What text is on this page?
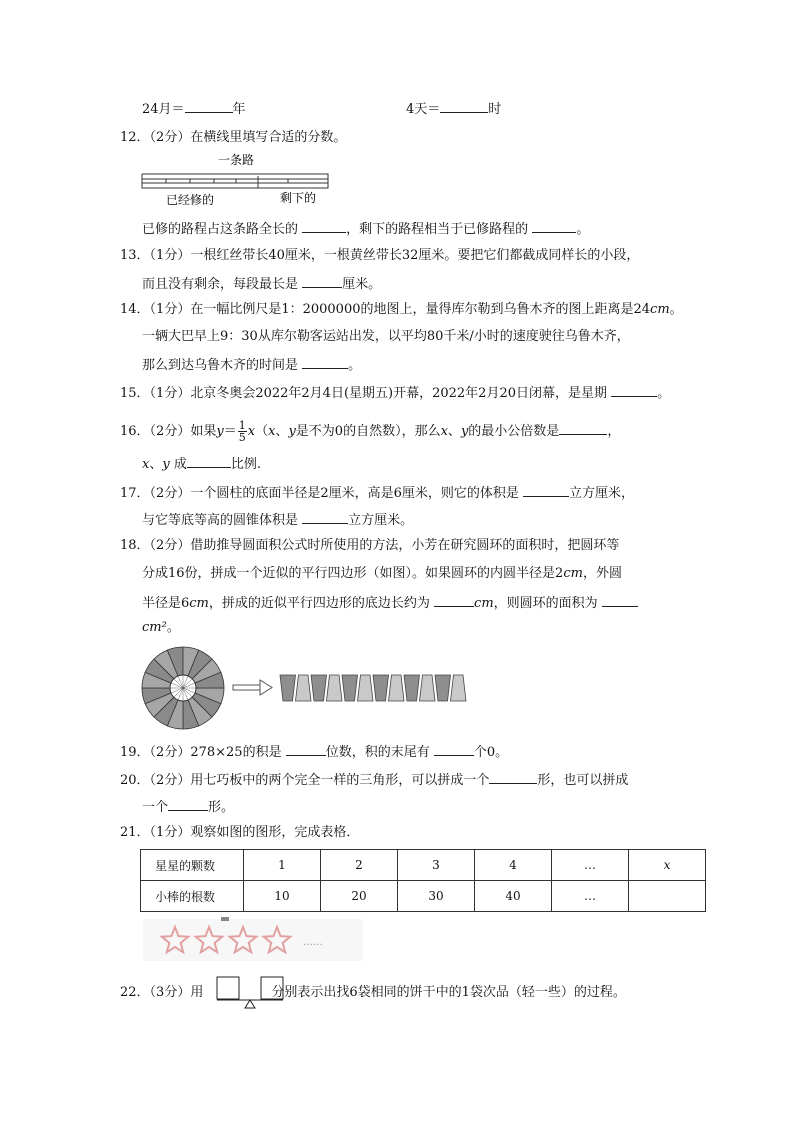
24月＝	年	4天＝	时
12．（2分）在横线里填写合适的分数。
一条路
已经修的	剩下的
已修的路程占这条路全长的	，剩下的路程相当于已修路程的	。
13．（1分）一根红丝带长40厘米，一根黄丝带长32厘米。要把它们都截成同样长的小段，
而且没有剩余，每段最长是	厘米。
14．（1分）在一幅比例尺是1：2000000的地图上，量得库尔勒到乌鲁木齐的图上距离是24cm。
一辆大巴早上9：30从库尔勒客运站出发，以平均80千米/小时的速度驶往乌鲁木齐，
那么到达乌鲁木齐的时间是	。
15．（1分）北京冬奥会2022年2月4日(星期五)开幕，2022年2月20日闭幕，是星期	。
16．（2分）如果$y= \frac{1}{5} x(x$、y是不为0的自然数），那么x、y的最小公倍数是	，
x、y 成	比例.
17．（2分）一个圆柱的底面半径是2厘米，高是6厘米，则它的体积是	立方厘米，
与它等底等高的圆锥体积是	立方厘米。
18．（2分）借助推导圆面积公式时所使用的方法，小芳在研究圆环的面积时，把圆环等
分成16份，拼成一个近似的平行四边形（如图）。如果圆环的内圆半径是2cm，外圆
半径是6cm，拼成的近似平行四边形的底边长约为	cm，则圆环的面积为
cm²。
19．（2分）278×25的积是	位数，积的末尾有	个0。
20．（2分）用七巧板中的两个完全一样的三角形，可以拼成一个	形，也可以拼成
一个	形。
21．（1分）观察如图的图形，完成表格．
星星的颗数	1	2	3	4	…	x
小棒的根数	10	20	30	40	…	
……
22．（3分）用	分别表示出找6袋相同的饼干中的1袋次品（轻一些）的过程。
